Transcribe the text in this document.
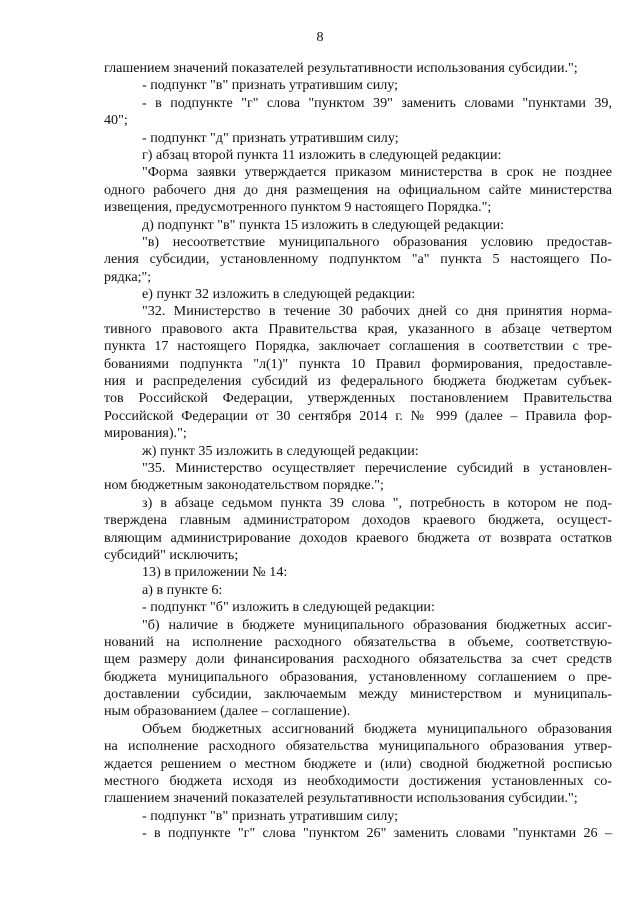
8
глашением значений показателей результативности использования субсидии.";
- подпункт "в" признать утратившим силу;
- в подпункте "г" слова "пунктом 39" заменить словами "пунктами 39,
40";
- подпункт "д" признать утратившим силу;
г) абзац второй пункта 11 изложить в следующей редакции:
"Форма заявки утверждается приказом министерства в срок не позднее
одного рабочего дня до дня размещения на официальном сайте министерства
извещения, предусмотренного пунктом 9 настоящего Порядка.";
д) подпункт "в" пункта 15 изложить в следующей редакции:
"в) несоответствие муниципального образования условию предостав-
ления субсидии, установленному подпунктом "а" пункта 5 настоящего По-
рядка;";
е) пункт 32 изложить в следующей редакции:
"32. Министерство в течение 30 рабочих дней со дня принятия норма-
тивного правового акта Правительства края, указанного в абзаце четвертом
пункта 17 настоящего Порядка, заключает соглашения в соответствии с тре-
бованиями подпункта "л(1)" пункта 10 Правил формирования, предоставле-
ния и распределения субсидий из федерального бюджета бюджетам субъек-
тов Российской Федерации, утвержденных постановлением Правительства
Российской Федерации от 30 сентября 2014 г. № 999 (далее – Правила фор-
мирования).";
ж) пункт 35 изложить в следующей редакции:
"35. Министерство осуществляет перечисление субсидий в установлен-
ном бюджетным законодательством порядке.";
з) в абзаце седьмом пункта 39 слова ", потребность в котором не под-
тверждена главным администратором доходов краевого бюджета, осущест-
вляющим администрирование доходов краевого бюджета от возврата остатков
субсидий" исключить;
13) в приложении № 14:
а) в пункте 6:
- подпункт "б" изложить в следующей редакции:
"б) наличие в бюджете муниципального образования бюджетных ассиг-
нований на исполнение расходного обязательства в объеме, соответствую-
щем размеру доли финансирования расходного обязательства за счет средств
бюджета муниципального образования, установленному соглашением о пре-
доставлении субсидии, заключаемым между министерством и муниципаль-
ным образованием (далее – соглашение).
Объем бюджетных ассигнований бюджета муниципального образования
на исполнение расходного обязательства муниципального образования утвер-
ждается решением о местном бюджете и (или) сводной бюджетной росписью
местного бюджета исходя из необходимости достижения установленных со-
глашением значений показателей результативности использования субсидии.";
- подпункт "в" признать утратившим силу;
- в подпункте "г" слова "пунктом 26" заменить словами "пунктами 26 –
